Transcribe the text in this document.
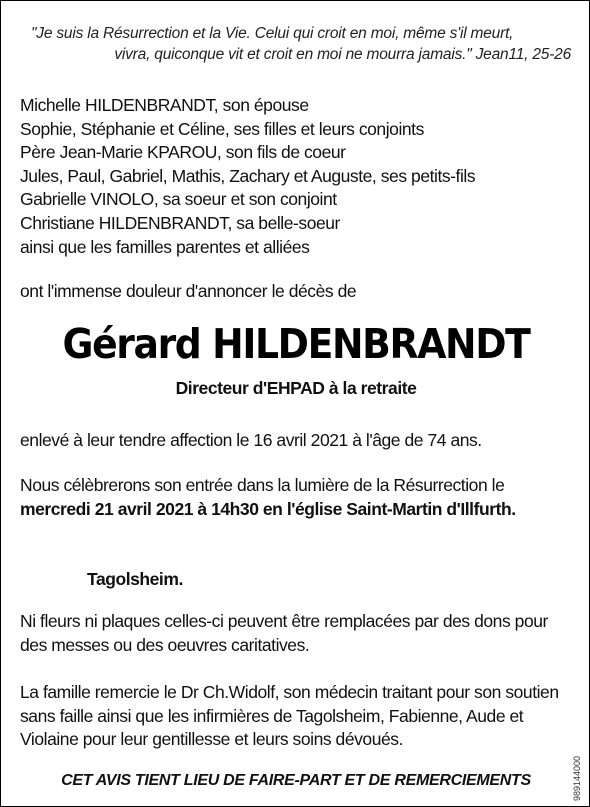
"Je suis la Résurrection et la Vie. Celui qui croit en moi, même s'il meurt,
vivra, quiconque vit et croit en moi ne mourra jamais." Jean11, 25-26
Michelle HILDENBRANDT, son épouse
Sophie, Stéphanie et Céline, ses filles et leurs conjoints
Père Jean-Marie KPAROU, son fils de coeur
Jules, Paul, Gabriel, Mathis, Zachary et Auguste, ses petits-fils
Gabrielle VINOLO, sa soeur et son conjoint
Christiane HILDENBRANDT, sa belle-soeur
ainsi que les familles parentes et alliées
ont l'immense douleur d'annoncer le décès de
Gérard HILDENBRANDT
Directeur d'EHPAD à la retraite
enlevé à leur tendre affection le 16 avril 2021 à l'âge de 74 ans.
Nous célèbrerons son entrée dans la lumière de la Résurrection le mercredi 21 avril 2021 à 14h30 en l'église Saint-Martin d'Illfurth.
Tagolsheim.
Ni fleurs ni plaques celles-ci peuvent être remplacées par des dons pour des messes ou des oeuvres caritatives.
La famille remercie le Dr Ch.Widolf, son médecin traitant pour son soutien sans faille ainsi que les infirmières de Tagolsheim, Fabienne, Aude et Violaine pour leur gentillesse et leurs soins dévoués.
CET AVIS TIENT LIEU DE FAIRE-PART ET DE REMERCIEMENTS	989144000
